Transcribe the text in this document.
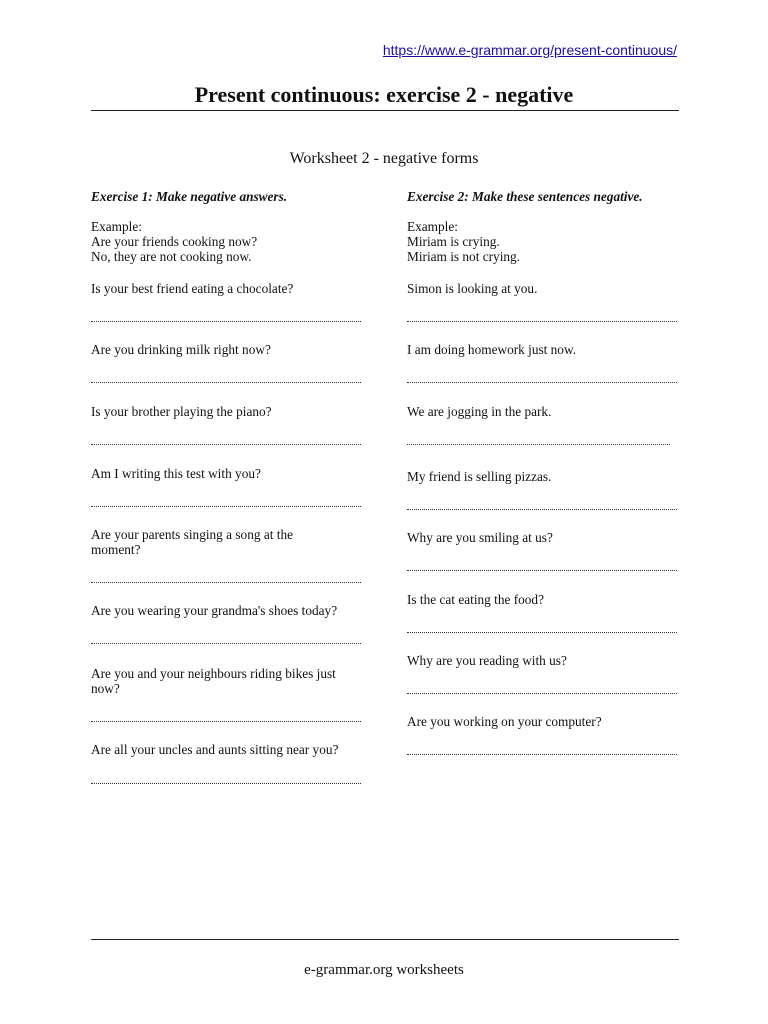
https://www.e-grammar.org/present-continuous/
Present continuous: exercise 2 - negative
Worksheet 2 - negative forms
Exercise 1: Make negative answers.
Example:
Are your friends cooking now?
No, they are not cooking now.
Is your best friend eating a chocolate?
Are you drinking milk right now?
Is your brother playing the piano?
Am I writing this test with you?
Are your parents singing a song at the
moment?
Are you wearing your grandma's shoes today?
Are you and your neighbours riding bikes just
now?
Are all your uncles and aunts sitting near you?
Exercise 2: Make these sentences negative.
Example:
Miriam is crying.
Miriam is not crying.
Simon is looking at you.
I am doing homework just now.
We are jogging in the park.
My friend is selling pizzas.
Why are you smiling at us?
Is the cat eating the food?
Why are you reading with us?
Are you working on your computer?
e-grammar.org worksheets
